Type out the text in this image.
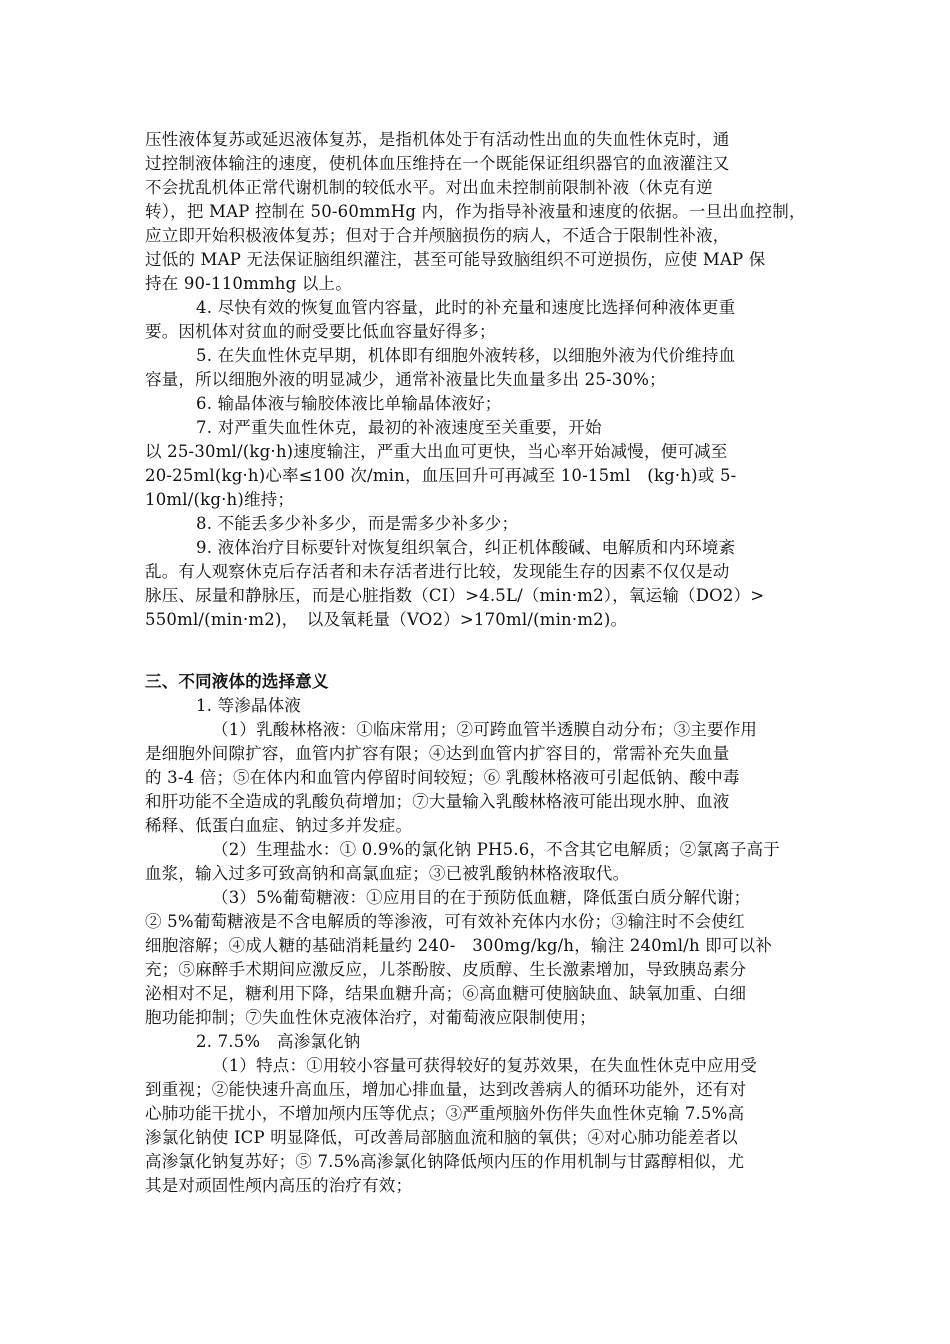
压性液体复苏或延迟液体复苏，是指机体处于有活动性出血的失血性休克时，通
过控制液体输注的速度，使机体血压维持在一个既能保证组织器官的血液灌注又
不会扰乱机体正常代谢机制的较低水平。对出血未控制前限制补液（休克有逆
转），把 MAP 控制在 50-60mmHg 内，作为指导补液量和速度的依据。一旦出血控制，
应立即开始积极液体复苏；但对于合并颅脑损伤的病人，不适合于限制性补液，
过低的 MAP 无法保证脑组织灌注，甚至可能导致脑组织不可逆损伤，应使 MAP 保
持在 90-110mmhg 以上。
4. 尽快有效的恢复血管内容量，此时的补充量和速度比选择何种液体更重
要。因机体对贫血的耐受要比低血容量好得多；
5. 在失血性休克早期，机体即有细胞外液转移，以细胞外液为代价维持血
容量，所以细胞外液的明显减少，通常补液量比失血量多出 25-30%；
6. 输晶体液与输胶体液比单输晶体液好；
7. 对严重失血性休克，最初的补液速度至关重要，开始
以 25-30ml/(kg·h)速度输注，严重大出血可更快，当心率开始减慢，便可减至
20-25ml(kg·h)心率≤100 次/min，血压回升可再减至 10-15ml　(kg·h)或 5-
10ml/(kg·h)维持；
8. 不能丢多少补多少，而是需多少补多少；
9. 液体治疗目标要针对恢复组织氧合，纠正机体酸碱、电解质和内环境紊
乱。有人观察休克后存活者和未存活者进行比较，发现能生存的因素不仅仅是动
脉压、尿量和静脉压，而是心脏指数（CI）>4.5L/（min·m2），氧运输（DO2）>
550ml/(min·m2)，　以及氧耗量（VO2）>170ml/(min·m2)。
三、不同液体的选择意义
1. 等渗晶体液
（1）乳酸林格液：①临床常用；②可跨血管半透膜自动分布；③主要作用
是细胞外间隙扩容，血管内扩容有限；④达到血管内扩容目的，常需补充失血量
的 3-4 倍；⑤在体内和血管内停留时间较短；⑥ 乳酸林格液可引起低钠、酸中毒
和肝功能不全造成的乳酸负荷增加；⑦大量输入乳酸林格液可能出现水肿、血液
稀释、低蛋白血症、钠过多并发症。
（2）生理盐水：① 0.9%的氯化钠 PH5.6，不含其它电解质；②氯离子高于
血浆，输入过多可致高钠和高氯血症；③已被乳酸钠林格液取代。
（3）5%葡萄糖液：①应用目的在于预防低血糖，降低蛋白质分解代谢；
② 5%葡萄糖液是不含电解质的等渗液，可有效补充体内水份；③输注时不会使红
细胞溶解；④成人糖的基础消耗量约 240-　300mg/kg/h，输注 240ml/h 即可以补
充；⑤麻醉手术期间应激反应，儿茶酚胺、皮质醇、生长激素增加，导致胰岛素分
泌相对不足，糖利用下降，结果血糖升高；⑥高血糖可使脑缺血、缺氧加重、白细
胞功能抑制；⑦失血性休克液体治疗，对葡萄液应限制使用；
2. 7.5%　高渗氯化钠
（1）特点：①用较小容量可获得较好的复苏效果，在失血性休克中应用受
到重视；②能快速升高血压，增加心排血量，达到改善病人的循环功能外，还有对
心肺功能干扰小，不增加颅内压等优点；③严重颅脑外伤伴失血性休克输 7.5%高
渗氯化钠使 ICP 明显降低，可改善局部脑血流和脑的氧供；④对心肺功能差者以
高渗氯化钠复苏好；⑤ 7.5%高渗氯化钠降低颅内压的作用机制与甘露醇相似，尤
其是对顽固性颅内高压的治疗有效；
